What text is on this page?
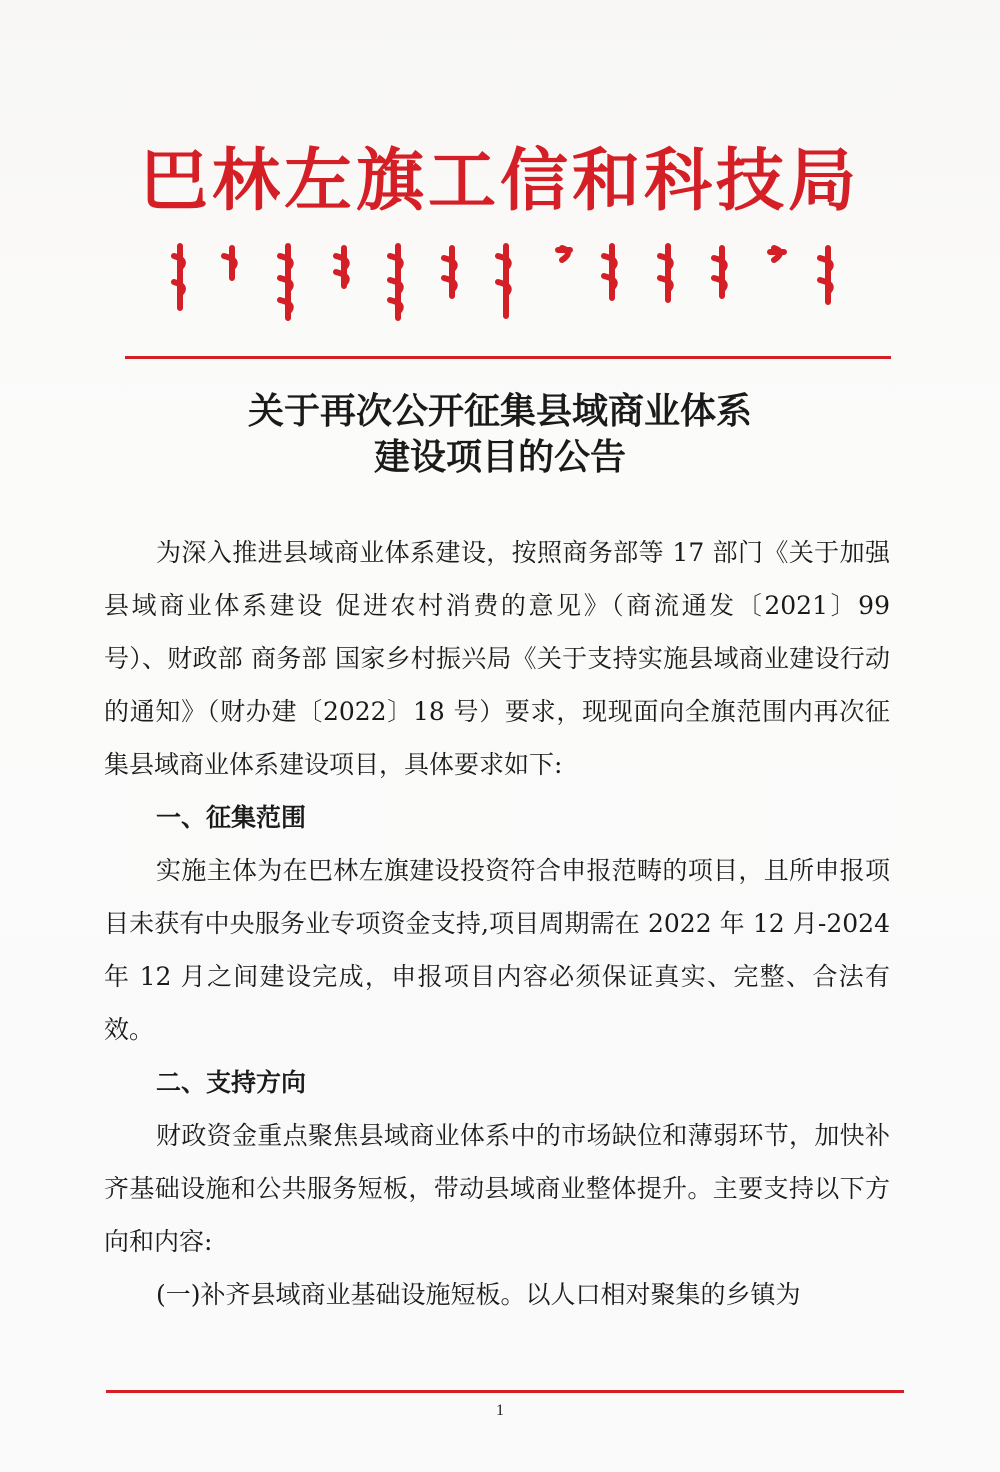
巴林左旗工信和科技局
关于再次公开征集县域商业体系
建设项目的公告

为深入推进县域商业体系建设，按照商务部等 17 部门《关于加强县域商业体系建设 促进农村消费的意见》（商流通发〔2021〕99 号）、财政部 商务部 国家乡村振兴局《关于支持实施县域商业建设行动的通知》（财办建〔2022〕18 号）要求，现现面向全旗范围内再次征集县域商业体系建设项目，具体要求如下:

一、征集范围

实施主体为在巴林左旗建设投资符合申报范畴的项目，且所申报项目未获有中央服务业专项资金支持,项目周期需在 2022 年 12 月-2024 年 12 月之间建设完成，申报项目内容必须保证真实、完整、合法有效。

二、支持方向

财政资金重点聚焦县域商业体系中的市场缺位和薄弱环节，加快补齐基础设施和公共服务短板，带动县域商业整体提升。主要支持以下方向和内容:

(一)补齐县域商业基础设施短板。以人口相对聚集的乡镇为

1
